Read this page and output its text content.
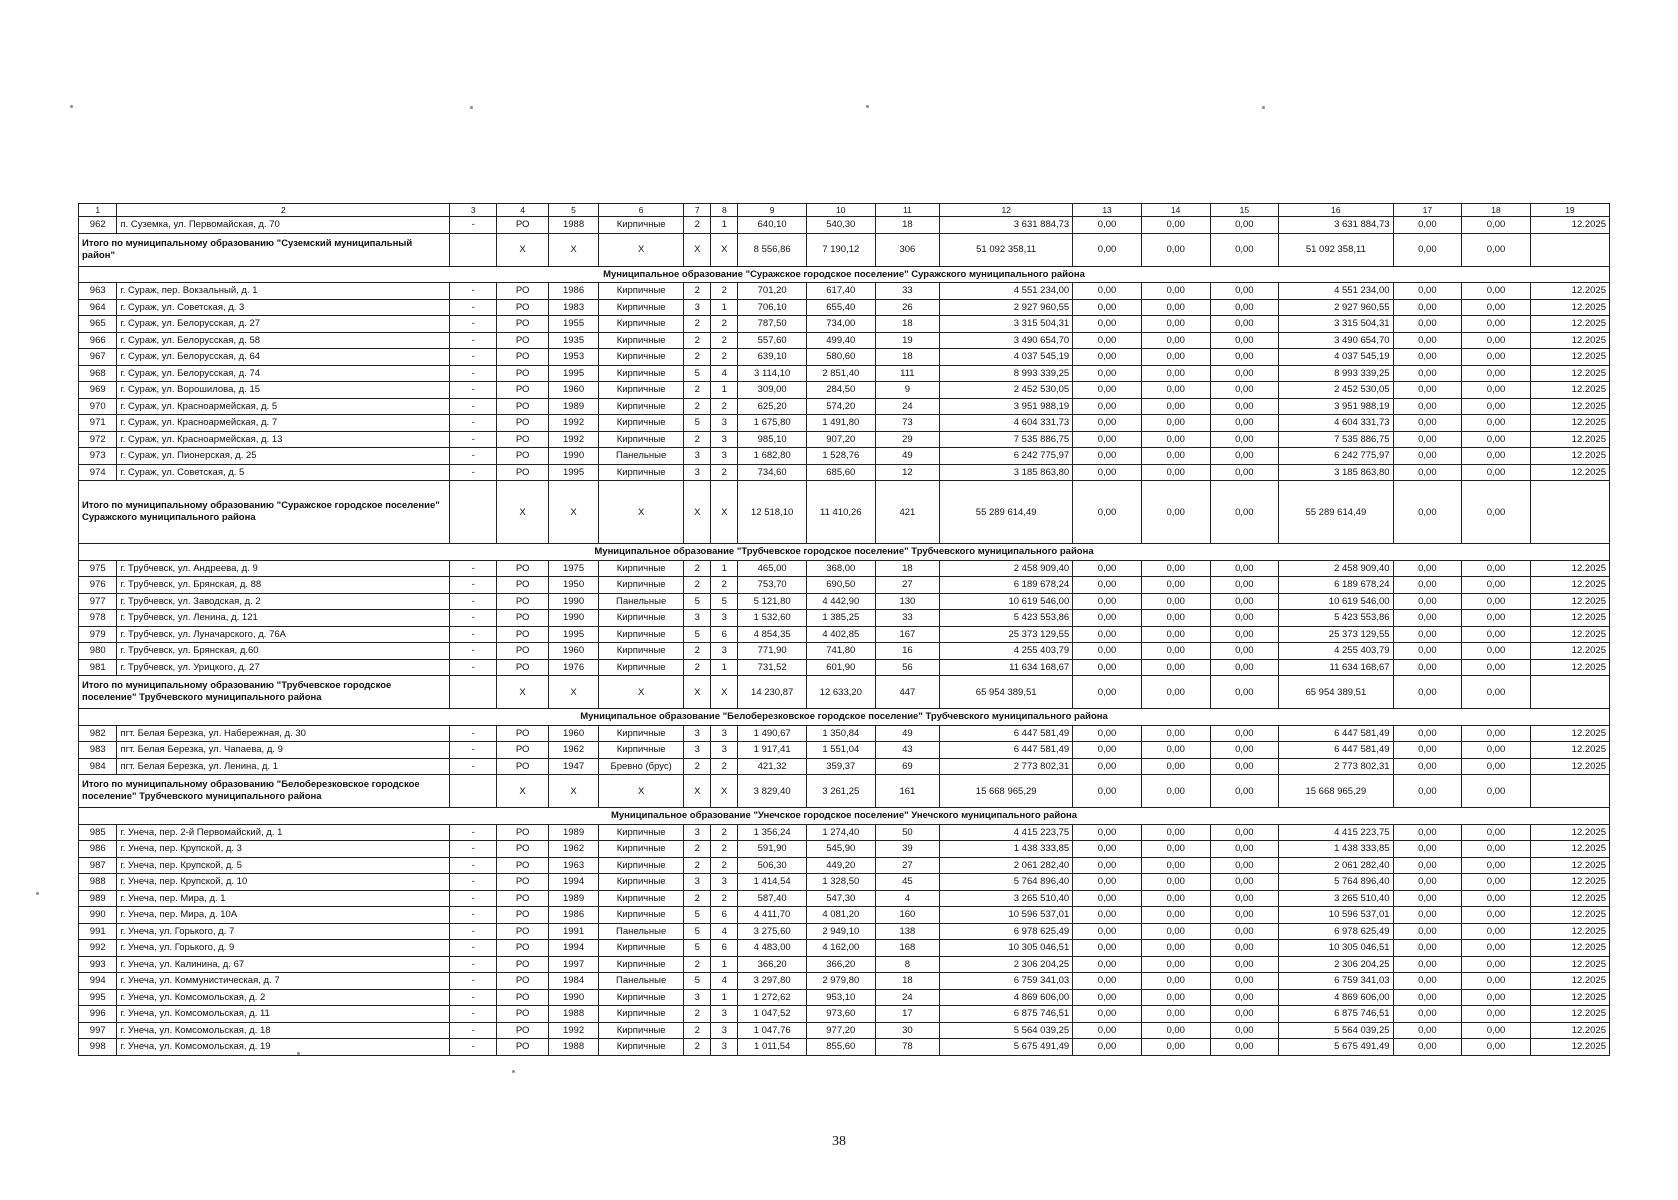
1	2	3	4	5	6	7	8	9	10	11	12	13	14	15	16	17	18	19
962	п. Суземка, ул. Первомайская, д. 70	-	РО	1988	Кирпичные	2	1	640,10	540,30	18	3 631 884,73	0,00	0,00	0,00	3 631 884,73	0,00	0,00	12.2025
Итого по муниципальному образованию "Суземский муниципальный район"			Х	Х	Х	Х	Х	8 556,86	7 190,12	306	51 092 358,11	0,00	0,00	0,00	51 092 358,11	0,00	0,00	
Муниципальное образование "Суражское городское поселение" Суражского муниципального района																		
963	г. Сураж, пер. Вокзальный, д. 1	-	РО	1986	Кирпичные	2	2	701,20	617,40	33	4 551 234,00	0,00	0,00	0,00	4 551 234,00	0,00	0,00	12.2025
964	г. Сураж, ул. Советская, д. 3	-	РО	1983	Кирпичные	3	1	706,10	655,40	26	2 927 960,55	0,00	0,00	0,00	2 927 960,55	0,00	0,00	12.2025
965	г. Сураж, ул. Белорусская, д. 27	-	РО	1955	Кирпичные	2	2	787,50	734,00	18	3 315 504,31	0,00	0,00	0,00	3 315 504,31	0,00	0,00	12.2025
966	г. Сураж, ул. Белорусская, д. 58	-	РО	1935	Кирпичные	2	2	557,60	499,40	19	3 490 654,70	0,00	0,00	0,00	3 490 654,70	0,00	0,00	12.2025
967	г. Сураж, ул. Белорусская, д. 64	-	РО	1953	Кирпичные	2	2	639,10	580,60	18	4 037 545,19	0,00	0,00	0,00	4 037 545,19	0,00	0,00	12.2025
968	г. Сураж, ул. Белорусская, д. 74	-	РО	1995	Кирпичные	5	4	3 114,10	2 851,40	111	8 993 339,25	0,00	0,00	0,00	8 993 339,25	0,00	0,00	12.2025
969	г. Сураж, ул. Ворошилова, д. 15	-	РО	1960	Кирпичные	2	1	309,00	284,50	9	2 452 530,05	0,00	0,00	0,00	2 452 530,05	0,00	0,00	12.2025
970	г. Сураж, ул. Красноармейская, д. 5	-	РО	1989	Кирпичные	2	2	625,20	574,20	24	3 951 988,19	0,00	0,00	0,00	3 951 988,19	0,00	0,00	12.2025
971	г. Сураж, ул. Красноармейская, д. 7	-	РО	1992	Кирпичные	5	3	1 675,80	1 491,80	73	4 604 331,73	0,00	0,00	0,00	4 604 331,73	0,00	0,00	12.2025
972	г. Сураж, ул. Красноармейская, д. 13	-	РО	1992	Кирпичные	2	3	985,10	907,20	29	7 535 886,75	0,00	0,00	0,00	7 535 886,75	0,00	0,00	12.2025
973	г. Сураж, ул. Пионерская, д. 25	-	РО	1990	Панельные	3	3	1 682,80	1 528,76	49	6 242 775,97	0,00	0,00	0,00	6 242 775,97	0,00	0,00	12.2025
974	г. Сураж, ул. Советская, д. 5	-	РО	1995	Кирпичные	3	2	734,60	685,60	12	3 185 863,80	0,00	0,00	0,00	3 185 863,80	0,00	0,00	12.2025
Итого по муниципальному образованию "Суражское городское поселение" Суражского муниципального района			Х	Х	Х	Х	Х	12 518,10	11 410,26	421	55 289 614,49	0,00	0,00	0,00	55 289 614,49	0,00	0,00	
Муниципальное образование "Трубчевское городское поселение" Трубчевского муниципального района																		
975	г. Трубчевск, ул. Андреева, д. 9	-	РО	1975	Кирпичные	2	1	465,00	368,00	18	2 458 909,40	0,00	0,00	0,00	2 458 909,40	0,00	0,00	12.2025
976	г. Трубчевск, ул. Брянская, д. 88	-	РО	1950	Кирпичные	2	2	753,70	690,50	27	6 189 678,24	0,00	0,00	0,00	6 189 678,24	0,00	0,00	12.2025
977	г. Трубчевск, ул. Заводская, д. 2	-	РО	1990	Панельные	5	5	5 121,80	4 442,90	130	10 619 546,00	0,00	0,00	0,00	10 619 546,00	0,00	0,00	12.2025
978	г. Трубчевск, ул. Ленина, д. 121	-	РО	1990	Кирпичные	3	3	1 532,60	1 385,25	33	5 423 553,86	0,00	0,00	0,00	5 423 553,86	0,00	0,00	12.2025
979	г. Трубчевск, ул. Луначарского, д. 76А	-	РО	1995	Кирпичные	5	6	4 854,35	4 402,85	167	25 373 129,55	0,00	0,00	0,00	25 373 129,55	0,00	0,00	12.2025
980	г. Трубчевск, ул. Брянская, д.60	-	РО	1960	Кирпичные	2	3	771,90	741,80	16	4 255 403,79	0,00	0,00	0,00	4 255 403,79	0,00	0,00	12.2025
981	г. Трубчевск, ул. Урицкого, д. 27	-	РО	1976	Кирпичные	2	1	731,52	601,90	56	11 634 168,67	0,00	0,00	0,00	11 634 168,67	0,00	0,00	12.2025
Итого по муниципальному образованию "Трубчевское городское поселение" Трубчевского муниципального района			Х	Х	Х	Х	Х	14 230,87	12 633,20	447	65 954 389,51	0,00	0,00	0,00	65 954 389,51	0,00	0,00	
Муниципальное образование "Белоберезковское городское поселение" Трубчевского муниципального района																		
982	пгт. Белая Березка, ул. Набережная, д. 30	-	РО	1960	Кирпичные	3	3	1 490,67	1 350,84	49	6 447 581,49	0,00	0,00	0,00	6 447 581,49	0,00	0,00	12.2025
983	пгт. Белая Березка, ул. Чапаева, д. 9	-	РО	1962	Кирпичные	3	3	1 917,41	1 551,04	43	6 447 581,49	0,00	0,00	0,00	6 447 581,49	0,00	0,00	12.2025
984	пгт. Белая Березка, ул. Ленина, д. 1	-	РО	1947	Бревно (брус)	2	2	421,32	359,37	69	2 773 802,31	0,00	0,00	0,00	2 773 802,31	0,00	0,00	12.2025
Итого по муниципальному образованию "Белоберезковское городское поселение" Трубчевского муниципального района			Х	Х	Х	Х	Х	3 829,40	3 261,25	161	15 668 965,29	0,00	0,00	0,00	15 668 965,29	0,00	0,00	
Муниципальное образование "Унечское городское поселение" Унечского муниципального района																		
985	г. Унеча, пер. 2-й Первомайский, д. 1	-	РО	1989	Кирпичные	3	2	1 356,24	1 274,40	50	4 415 223,75	0,00	0,00	0,00	4 415 223,75	0,00	0,00	12.2025
986	г. Унеча, пер. Крупской, д. 3	-	РО	1962	Кирпичные	2	2	591,90	545,90	39	1 438 333,85	0,00	0,00	0,00	1 438 333,85	0,00	0,00	12.2025
987	г. Унеча, пер. Крупской, д. 5	-	РО	1963	Кирпичные	2	2	506,30	449,20	27	2 061 282,40	0,00	0,00	0,00	2 061 282,40	0,00	0,00	12.2025
988	г. Унеча, пер. Крупской, д. 10	-	РО	1994	Кирпичные	3	3	1 414,54	1 328,50	45	5 764 896,40	0,00	0,00	0,00	5 764 896,40	0,00	0,00	12.2025
989	г. Унеча, пер. Мира, д. 1	-	РО	1989	Кирпичные	2	2	587,40	547,30	4	3 265 510,40	0,00	0,00	0,00	3 265 510,40	0,00	0,00	12.2025
990	г. Унеча, пер. Мира, д. 10А	-	РО	1986	Кирпичные	5	6	4 411,70	4 081,20	160	10 596 537,01	0,00	0,00	0,00	10 596 537,01	0,00	0,00	12.2025
991	г. Унеча, ул. Горького, д. 7	-	РО	1991	Панельные	5	4	3 275,60	2 949,10	138	6 978 625,49	0,00	0,00	0,00	6 978 625,49	0,00	0,00	12.2025
992	г. Унеча, ул. Горького, д. 9	-	РО	1994	Кирпичные	5	6	4 483,00	4 162,00	168	10 305 046,51	0,00	0,00	0,00	10 305 046,51	0,00	0,00	12.2025
993	г. Унеча, ул. Калинина, д. 67	-	РО	1997	Кирпичные	2	1	366,20	366,20	8	2 306 204,25	0,00	0,00	0,00	2 306 204,25	0,00	0,00	12.2025
994	г. Унеча, ул. Коммунистическая, д. 7	-	РО	1984	Панельные	5	4	3 297,80	2 979,80	18	6 759 341,03	0,00	0,00	0,00	6 759 341,03	0,00	0,00	12.2025
995	г. Унеча, ул. Комсомольская, д. 2	-	РО	1990	Кирпичные	3	1	1 272,62	953,10	24	4 869 606,00	0,00	0,00	0,00	4 869 606,00	0,00	0,00	12.2025
996	г. Унеча, ул. Комсомольская, д. 11	-	РО	1988	Кирпичные	2	3	1 047,52	973,60	17	6 875 746,51	0,00	0,00	0,00	6 875 746,51	0,00	0,00	12.2025
997	г. Унеча, ул. Комсомольская, д. 18	-	РО	1992	Кирпичные	2	3	1 047,76	977,20	30	5 564 039,25	0,00	0,00	0,00	5 564 039,25	0,00	0,00	12.2025
998	г. Унеча, ул. Комсомольская, д. 19	-	РО	1988	Кирпичные	2	3	1 011,54	855,60	78	5 675 491,49	0,00	0,00	0,00	5 675 491,49	0,00	0,00	12.2025
38
